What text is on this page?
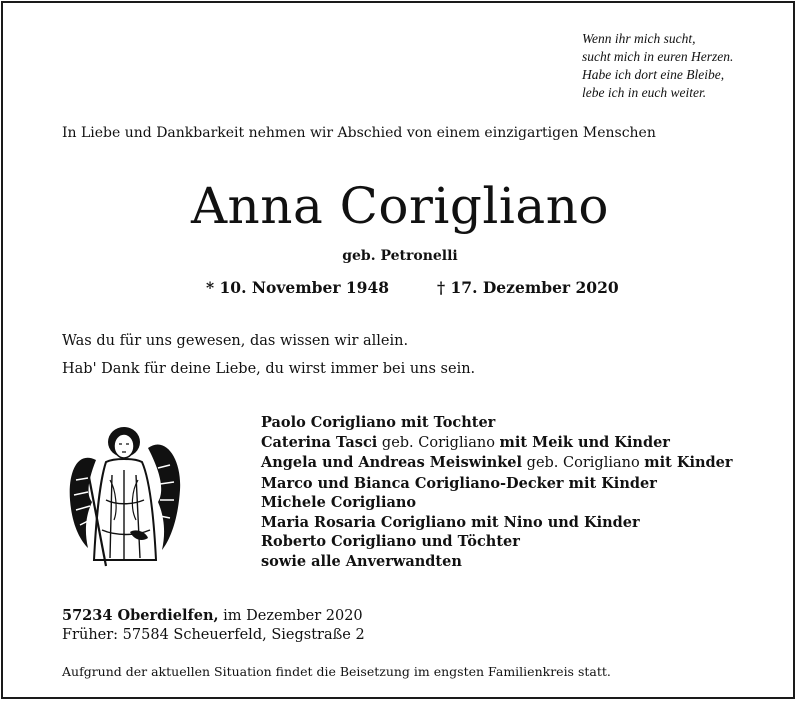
Wenn ihr mich sucht,
sucht mich in euren Herzen.
Habe ich dort eine Bleibe,
lebe ich in euch weiter.
In Liebe und Dankbarkeit nehmen wir Abschied von einem einzigartigen Menschen
Anna Corigliano
geb. Petronelli
* 10. November 1948	† 17. Dezember 2020
Was du für uns gewesen, das wissen wir allein.
Hab' Dank für deine Liebe, du wirst immer bei uns sein.
Paolo Corigliano mit Tochter
Caterina Tasci geb. Corigliano mit Meik und Kinder
Angela und Andreas Meiswinkel geb. Corigliano mit Kinder
Marco und Bianca Corigliano-Decker mit Kinder
Michele Corigliano
Maria Rosaria Corigliano mit Nino und Kinder
Roberto Corigliano und Töchter
sowie alle Anverwandten
57234 Oberdielfen, im Dezember 2020
Früher: 57584 Scheuerfeld, Siegstraße 2
Aufgrund der aktuellen Situation findet die Beisetzung im engsten Familienkreis statt.
